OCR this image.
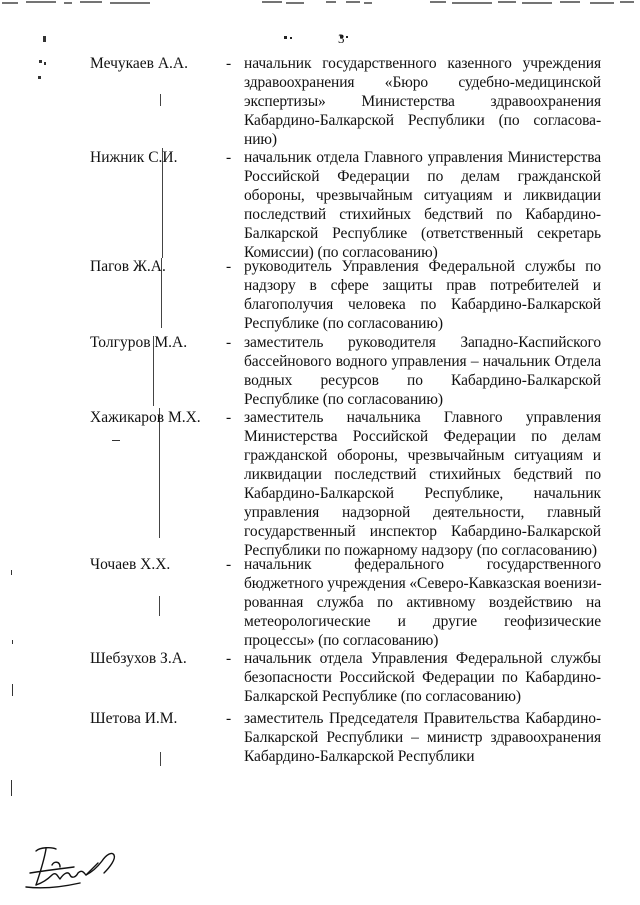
3
Мечукаев А.А.	- начальник государственного казенного учреждения
здравоохранения «Бюро судебно-медицинской
экспертизы» Министерства здравоохранения
Кабардино-Балкарской Республики (по согласова-
нию)
Нижник С.И.	- начальник отдела Главного управления Министерства
Российской Федерации по делам гражданской
обороны, чрезвычайным ситуациям и ликвидации
последствий стихийных бедствий по Кабардино-
Балкарской Республике (ответственный секретарь
Комиссии) (по согласованию)
Пагов Ж.А.	- руководитель Управления Федеральной службы по
надзору в сфере защиты прав потребителей и
благополучия человека по Кабардино-Балкарской
Республике (по согласованию)
Толгуров М.А.	- заместитель руководителя Западно-Каспийского
бассейнового водного управления – начальник Отдела
водных ресурсов по Кабардино-Балкарской
Республике (по согласованию)
Хажикаров М.Х.	- заместитель начальника Главного управления
Министерства Российской Федерации по делам
гражданской обороны, чрезвычайным ситуациям и
ликвидации последствий стихийных бедствий по
Кабардино-Балкарской Республике, начальник
управления надзорной деятельности, главный
государственный инспектор Кабардино-Балкарской
Республики по пожарному надзору (по согласованию)
Чочаев Х.Х.	- начальник федерального государственного
бюджетного учреждения «Северо-Кавказская военизи-
рованная служба по активному воздействию на
метеорологические и другие геофизические
процессы» (по согласованию)
Шебзухов З.А.	- начальник отдела Управления Федеральной службы
безопасности Российской Федерации по Кабардино-
Балкарской Республике (по согласованию)
Шетова И.М.	- заместитель Председателя Правительства Кабардино-
Балкарской Республики – министр здравоохранения
Кабардино-Балкарской Республики
